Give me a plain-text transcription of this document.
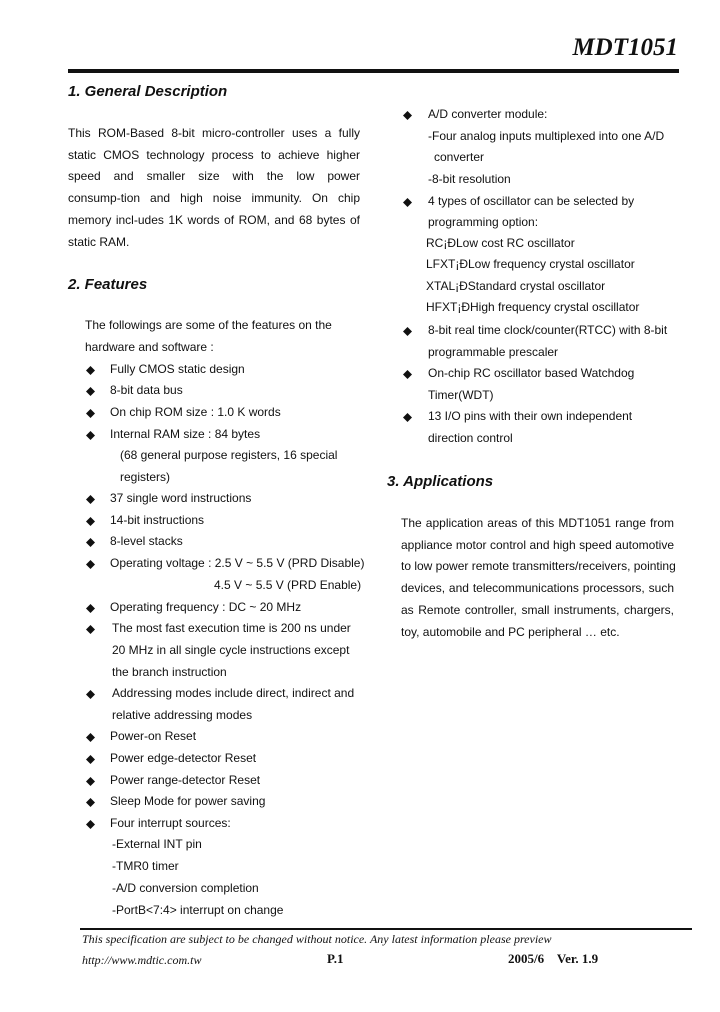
MDT1051
1. General Description
This ROM-Based 8-bit micro-controller uses a fully
static CMOS technology process to achieve higher
speed and smaller size with the low power
consump-tion and high noise immunity. On chip
memory incl-udes 1K words of ROM, and 68 bytes of
static RAM.
2. Features
The followings are some of the features on the
hardware and software :
Fully CMOS static design
8-bit data bus
On chip ROM size : 1.0 K words
Internal RAM size : 84 bytes
(68 general purpose registers, 16 special
registers)
37 single word instructions
14-bit instructions
8-level stacks
Operating voltage : 2.5 V ~ 5.5 V (PRD Disable)
4.5 V ~ 5.5 V (PRD Enable)
Operating frequency : DC ~ 20 MHz
The most fast execution time is 200 ns under
20 MHz in all single cycle instructions except
the branch instruction
Addressing modes include direct, indirect and
relative addressing modes
Power-on Reset
Power edge-detector Reset
Power range-detector Reset
Sleep Mode for power saving
Four interrupt sources:
-External INT pin
-TMR0 timer
-A/D conversion completion
-PortB<7:4> interrupt on change
A/D converter module:
-Four analog inputs multiplexed into one A/D
converter
-8-bit resolution
4 types of oscillator can be selected by
programming option:
RC¡ÐLow cost RC oscillator
LFXT¡ÐLow frequency crystal oscillator
XTAL¡ÐStandard crystal oscillator
HFXT¡ÐHigh frequency crystal oscillator
8-bit real time clock/counter(RTCC) with 8-bit
programmable prescaler
On-chip RC oscillator based Watchdog
Timer(WDT)
13 I/O pins with their own independent
direction control
3. Applications
The application areas of this MDT1051 range from
appliance motor control and high speed automotive
to low power remote transmitters/receivers, pointing
devices, and telecommunications processors, such
as Remote controller, small instruments, chargers,
toy, automobile and PC peripheral … etc.
This specification are subject to be changed without notice. Any latest information please preview
http://www.mdtic.com.tw	P.1	2005/6    Ver. 1.9
